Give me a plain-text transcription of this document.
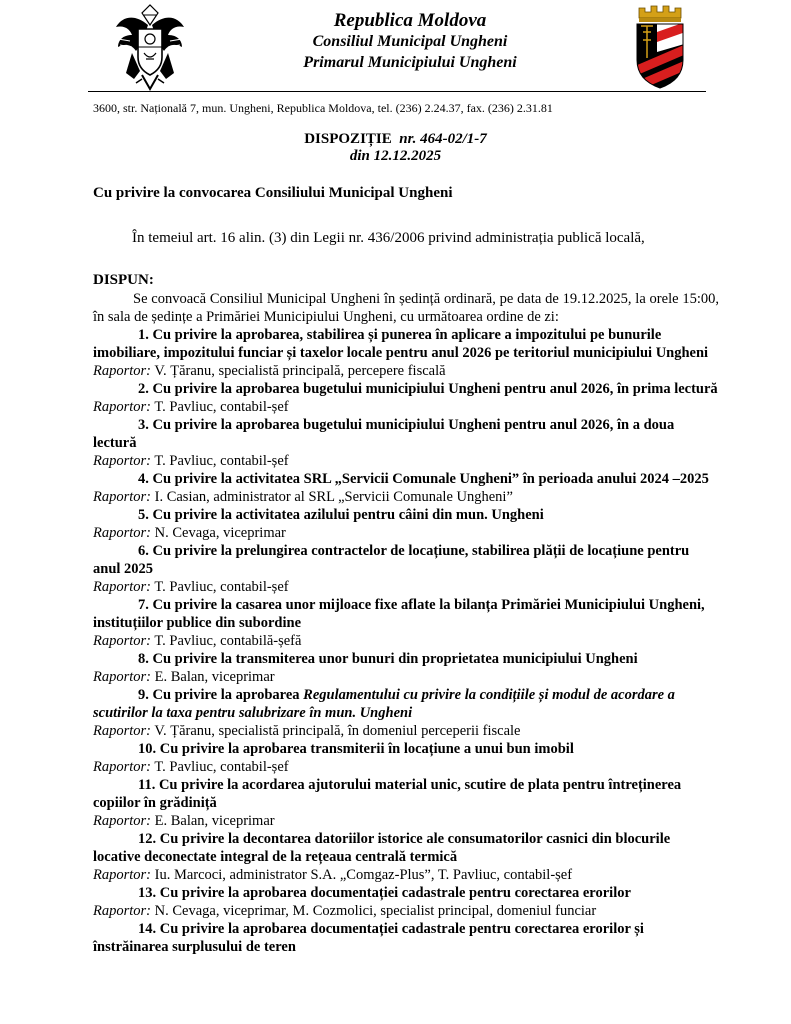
Republica Moldova
Consiliul Municipal Ungheni
Primarul Municipiului Ungheni
3600, str. Națională 7, mun. Ungheni, Republica Moldova, tel. (236) 2.24.37, fax. (236) 2.31.81
DISPOZIȚIE nr. 464-02/1-7
din 12.12.2025
Cu privire la convocarea Consiliului Municipal Ungheni
În temeiul art. 16 alin. (3) din Legii nr. 436/2006 privind administrația publică locală,
DISPUN:

Se convoacă Consiliul Municipal Ungheni în ședință ordinară, pe data de 19.12.2025, la orele 15:00, în sala de ședințe a Primăriei Municipiului Ungheni, cu următoarea ordine de zi:

1. Cu privire la aprobarea, stabilirea și punerea în aplicare a impozitului pe bunurile imobiliare, impozitului funciar și taxelor locale pentru anul 2026 pe teritoriul municipiului Ungheni

Raportor: V. Țăranu, specialistă principală, percepere fiscală

2. Cu privire la aprobarea bugetului municipiului Ungheni pentru anul 2026, în prima lectură

Raportor: T. Pavliuc, contabil-șef

3. Cu privire la aprobarea bugetului municipiului Ungheni pentru anul 2026, în a doua lectură

Raportor: T. Pavliuc, contabil-șef

4. Cu privire la activitatea SRL „Servicii Comunale Ungheni” în perioada anului 2024 –2025

Raportor: I. Casian, administrator al SRL „Servicii Comunale Ungheni”

5. Cu privire la activitatea azilului pentru câini din mun. Ungheni

Raportor: N. Cevaga, viceprimar

6. Cu privire la prelungirea contractelor de locațiune, stabilirea plății de locațiune pentru anul 2025

Raportor: T. Pavliuc, contabil-șef

7. Cu privire la casarea unor mijloace fixe aflate la bilanța Primăriei Municipiului Ungheni, instituțiilor publice din subordine

Raportor: T. Pavliuc, contabilă-șefă

8. Cu privire la transmiterea unor bunuri din proprietatea municipiului Ungheni

Raportor: E. Balan, viceprimar

9. Cu privire la aprobarea Regulamentului cu privire la condițiile și modul de acordare a scutirilor la taxa pentru salubrizare în mun. Ungheni

Raportor: V. Țăranu, specialistă principală, în domeniul perceperii fiscale

10. Cu privire la aprobarea transmiterii în locațiune a unui bun imobil

Raportor: T. Pavliuc, contabil-șef

11. Cu privire la acordarea ajutorului material unic, scutire de plata pentru întreținerea copiilor în grădiniță

Raportor: E. Balan, viceprimar

12. Cu privire la decontarea datoriilor istorice ale consumatorilor casnici din blocurile locative deconectate integral de la rețeaua centrală termică

Raportor: Iu. Marcoci, administrator S.A. „Comgaz-Plus”, T. Pavliuc, contabil-șef

13. Cu privire la aprobarea documentației cadastrale pentru corectarea erorilor

Raportor: N. Cevaga, viceprimar, M. Cozmolici, specialist principal, domeniul funciar

14. Cu privire la aprobarea documentației cadastrale pentru corectarea erorilor și înstrăinarea surplusului de teren
